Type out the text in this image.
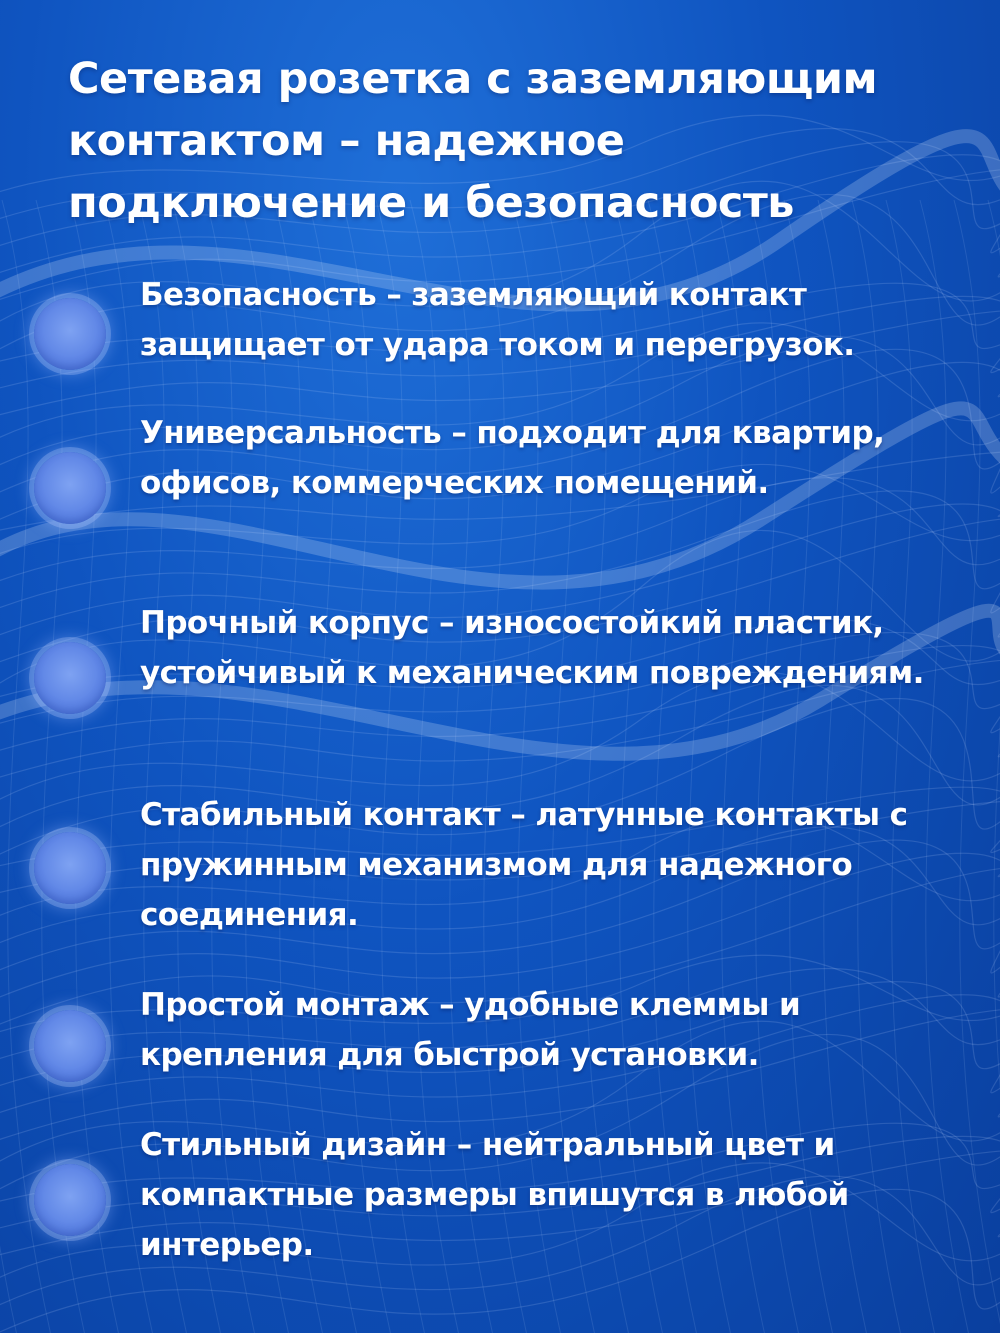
Сетевая розетка с заземляющим контактом – надежное подключение и безопасность

Безопасность – заземляющий контакт защищает от удара током и перегрузок.

Универсальность – подходит для квартир, офисов, коммерческих помещений.

Прочный корпус – износостойкий пластик, устойчивый к механическим повреждениям.

Стабильный контакт – латунные контакты с пружинным механизмом для надежного соединения.

Простой монтаж – удобные клеммы и крепления для быстрой установки.

Стильный дизайн – нейтральный цвет и компактные размеры впишутся в любой интерьер.
